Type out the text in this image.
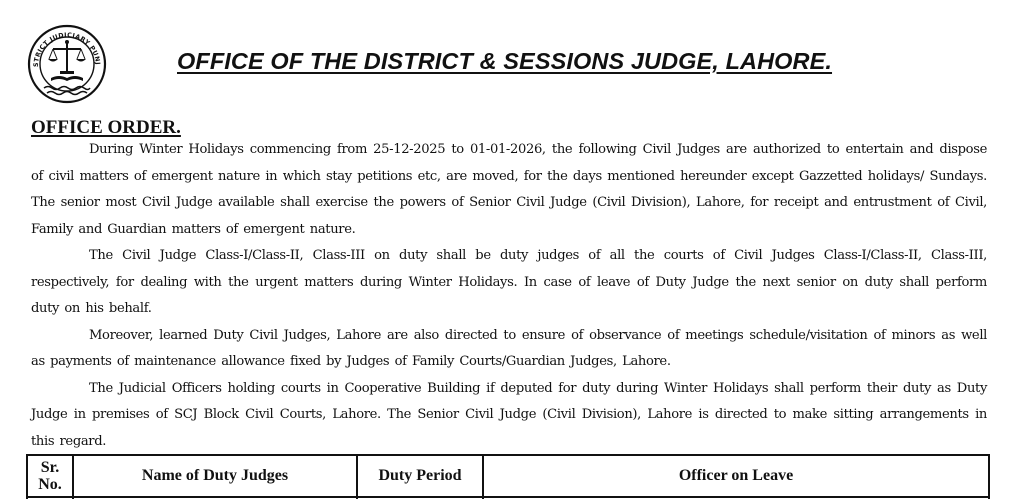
STRICT JUDICIARY PUNJ	OFFICE OF THE DISTRICT & SESSIONS JUDGE, LAHORE.
OFFICE ORDER.

During Winter Holidays commencing from 25-12-2025 to 01-01-2026, the following Civil Judges are authorized to entertain and dispose of civil matters of emergent nature in which stay petitions etc, are moved, for the days mentioned hereunder except Gazzetted holidays/ Sundays. The senior most Civil Judge available shall exercise the powers of Senior Civil Judge (Civil Division), Lahore, for receipt and entrustment of Civil, Family and Guardian matters of emergent nature.

The Civil Judge Class-I/Class-II, Class-III on duty shall be duty judges of all the courts of Civil Judges Class-I/Class-II, Class-III, respectively, for dealing with the urgent matters during Winter Holidays. In case of leave of Duty Judge the next senior on duty shall perform duty on his behalf.

Moreover, learned Duty Civil Judges, Lahore are also directed to ensure of observance of meetings schedule/visitation of minors as well as payments of maintenance allowance fixed by Judges of Family Courts/Guardian Judges, Lahore.

The Judicial Officers holding courts in Cooperative Building if deputed for duty during Winter Holidays shall perform their duty as Duty Judge in premises of SCJ Block Civil Courts, Lahore. The Senior Civil Judge (Civil Division), Lahore is directed to make sitting arrangements in this regard.

Sr.
No.	Name of Duty Judges	Duty Period	Officer on Leave
